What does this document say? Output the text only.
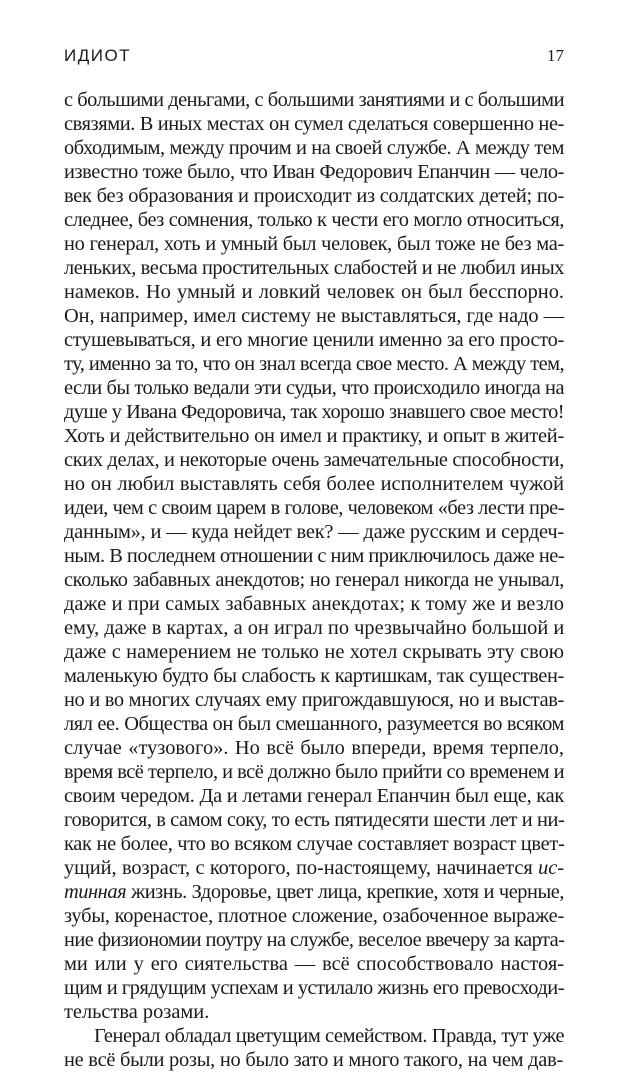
ИДИОТ	17
с большими деньгами, с большими занятиями и с большими
связями. В иных местах он сумел сделаться совершенно не-
обходимым, между прочим и на своей службе. А между тем
известно тоже было, что Иван Федорович Епанчин — чело-
век без образования и происходит из солдатских детей; по-
следнее, без сомнения, только к чести его могло относиться,
но генерал, хоть и умный был человек, был тоже не без ма-
леньких, весьма простительных слабостей и не любил иных
намеков. Но умный и ловкий человек он был бесспорно.
Он, например, имел систему не выставляться, где надо —
стушевываться, и его многие ценили именно за его просто-
ту, именно за то, что он знал всегда свое место. А между тем,
если бы только ведали эти судьи, что происходило иногда на
душе у Ивана Федоровича, так хорошо знавшего свое место!
Хоть и действительно он имел и практику, и опыт в житей-
ских делах, и некоторые очень замечательные способности,
но он любил выставлять себя более исполнителем чужой
идеи, чем с своим царем в голове, человеком «без лести пре-
данным», и — куда нейдет век? — даже русским и сердеч-
ным. В последнем отношении с ним приключилось даже не-
сколько забавных анекдотов; но генерал никогда не унывал,
даже и при самых забавных анекдотах; к тому же и везло
ему, даже в картах, а он играл по чрезвычайно большой и
даже с намерением не только не хотел скрывать эту свою
маленькую будто бы слабость к картишкам, так существен-
но и во многих случаях ему пригождавшуюся, но и выстав-
лял ее. Общества он был смешанного, разумеется во всяком
случае «тузового». Но всё было впереди, время терпело,
время всё терпело, и всё должно было прийти со временем и
своим чередом. Да и летами генерал Епанчин был еще, как
говорится, в самом соку, то есть пятидесяти шести лет и ни-
как не более, что во всяком случае составляет возраст цвет-
ущий, возраст, с которого, по-настоящему, начинается ис-
тинная жизнь. Здоровье, цвет лица, крепкие, хотя и черные,
зубы, коренастое, плотное сложение, озабоченное выраже-
ние физиономии поутру на службе, веселое ввечеру за карта-
ми или у его сиятельства — всё способствовало настоя-
щим и грядущим успехам и устилало жизнь его превосходи-
тельства розами.
Генерал обладал цветущим семейством. Правда, тут уже
не всё были розы, но было зато и много такого, на чем дав-
